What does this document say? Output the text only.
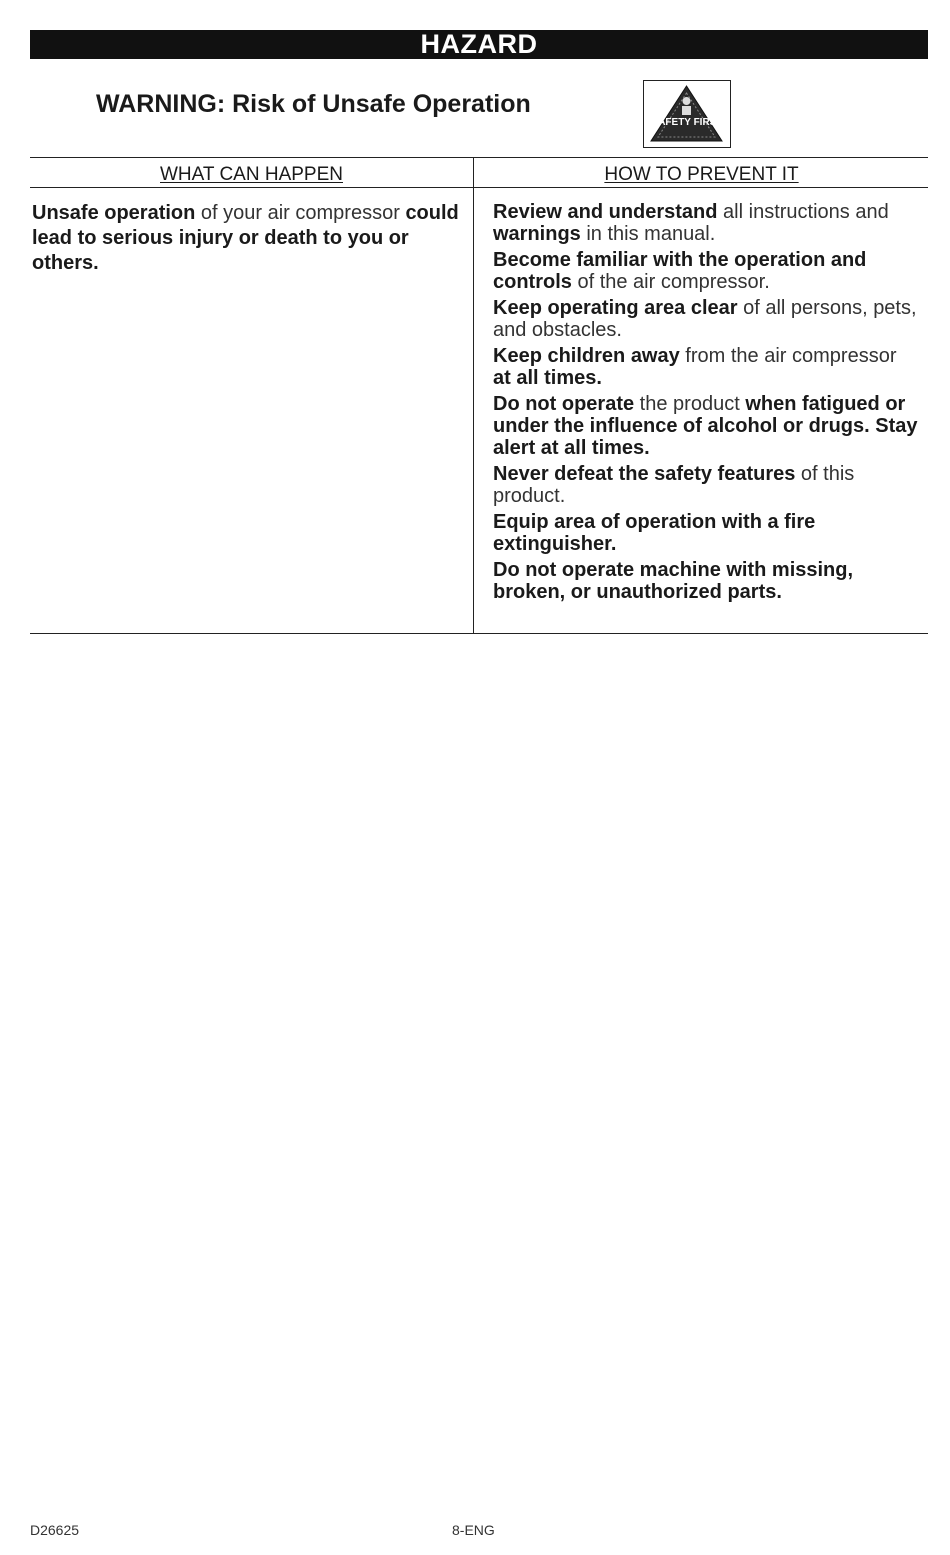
HAZARD
WARNING: Risk of Unsafe Operation
SAFETY FIRST
WHAT CAN HAPPEN	HOW TO PREVENT IT
Unsafe operation of your air compressor could lead to serious injury or death to you or others.
Review and understand all instructions and warnings in this manual.
Become familiar with the operation and controls of the air compressor.
Keep operating area clear of all persons, pets, and obstacles.
Keep children away from the air compressor at all times.
Do not operate the product when fatigued or under the influence of alcohol or drugs. Stay alert at all times.
Never defeat the safety features of this product.
Equip area of operation with a fire extinguisher.
Do not operate machine with missing, broken, or unauthorized parts.
D26625	8-ENG
